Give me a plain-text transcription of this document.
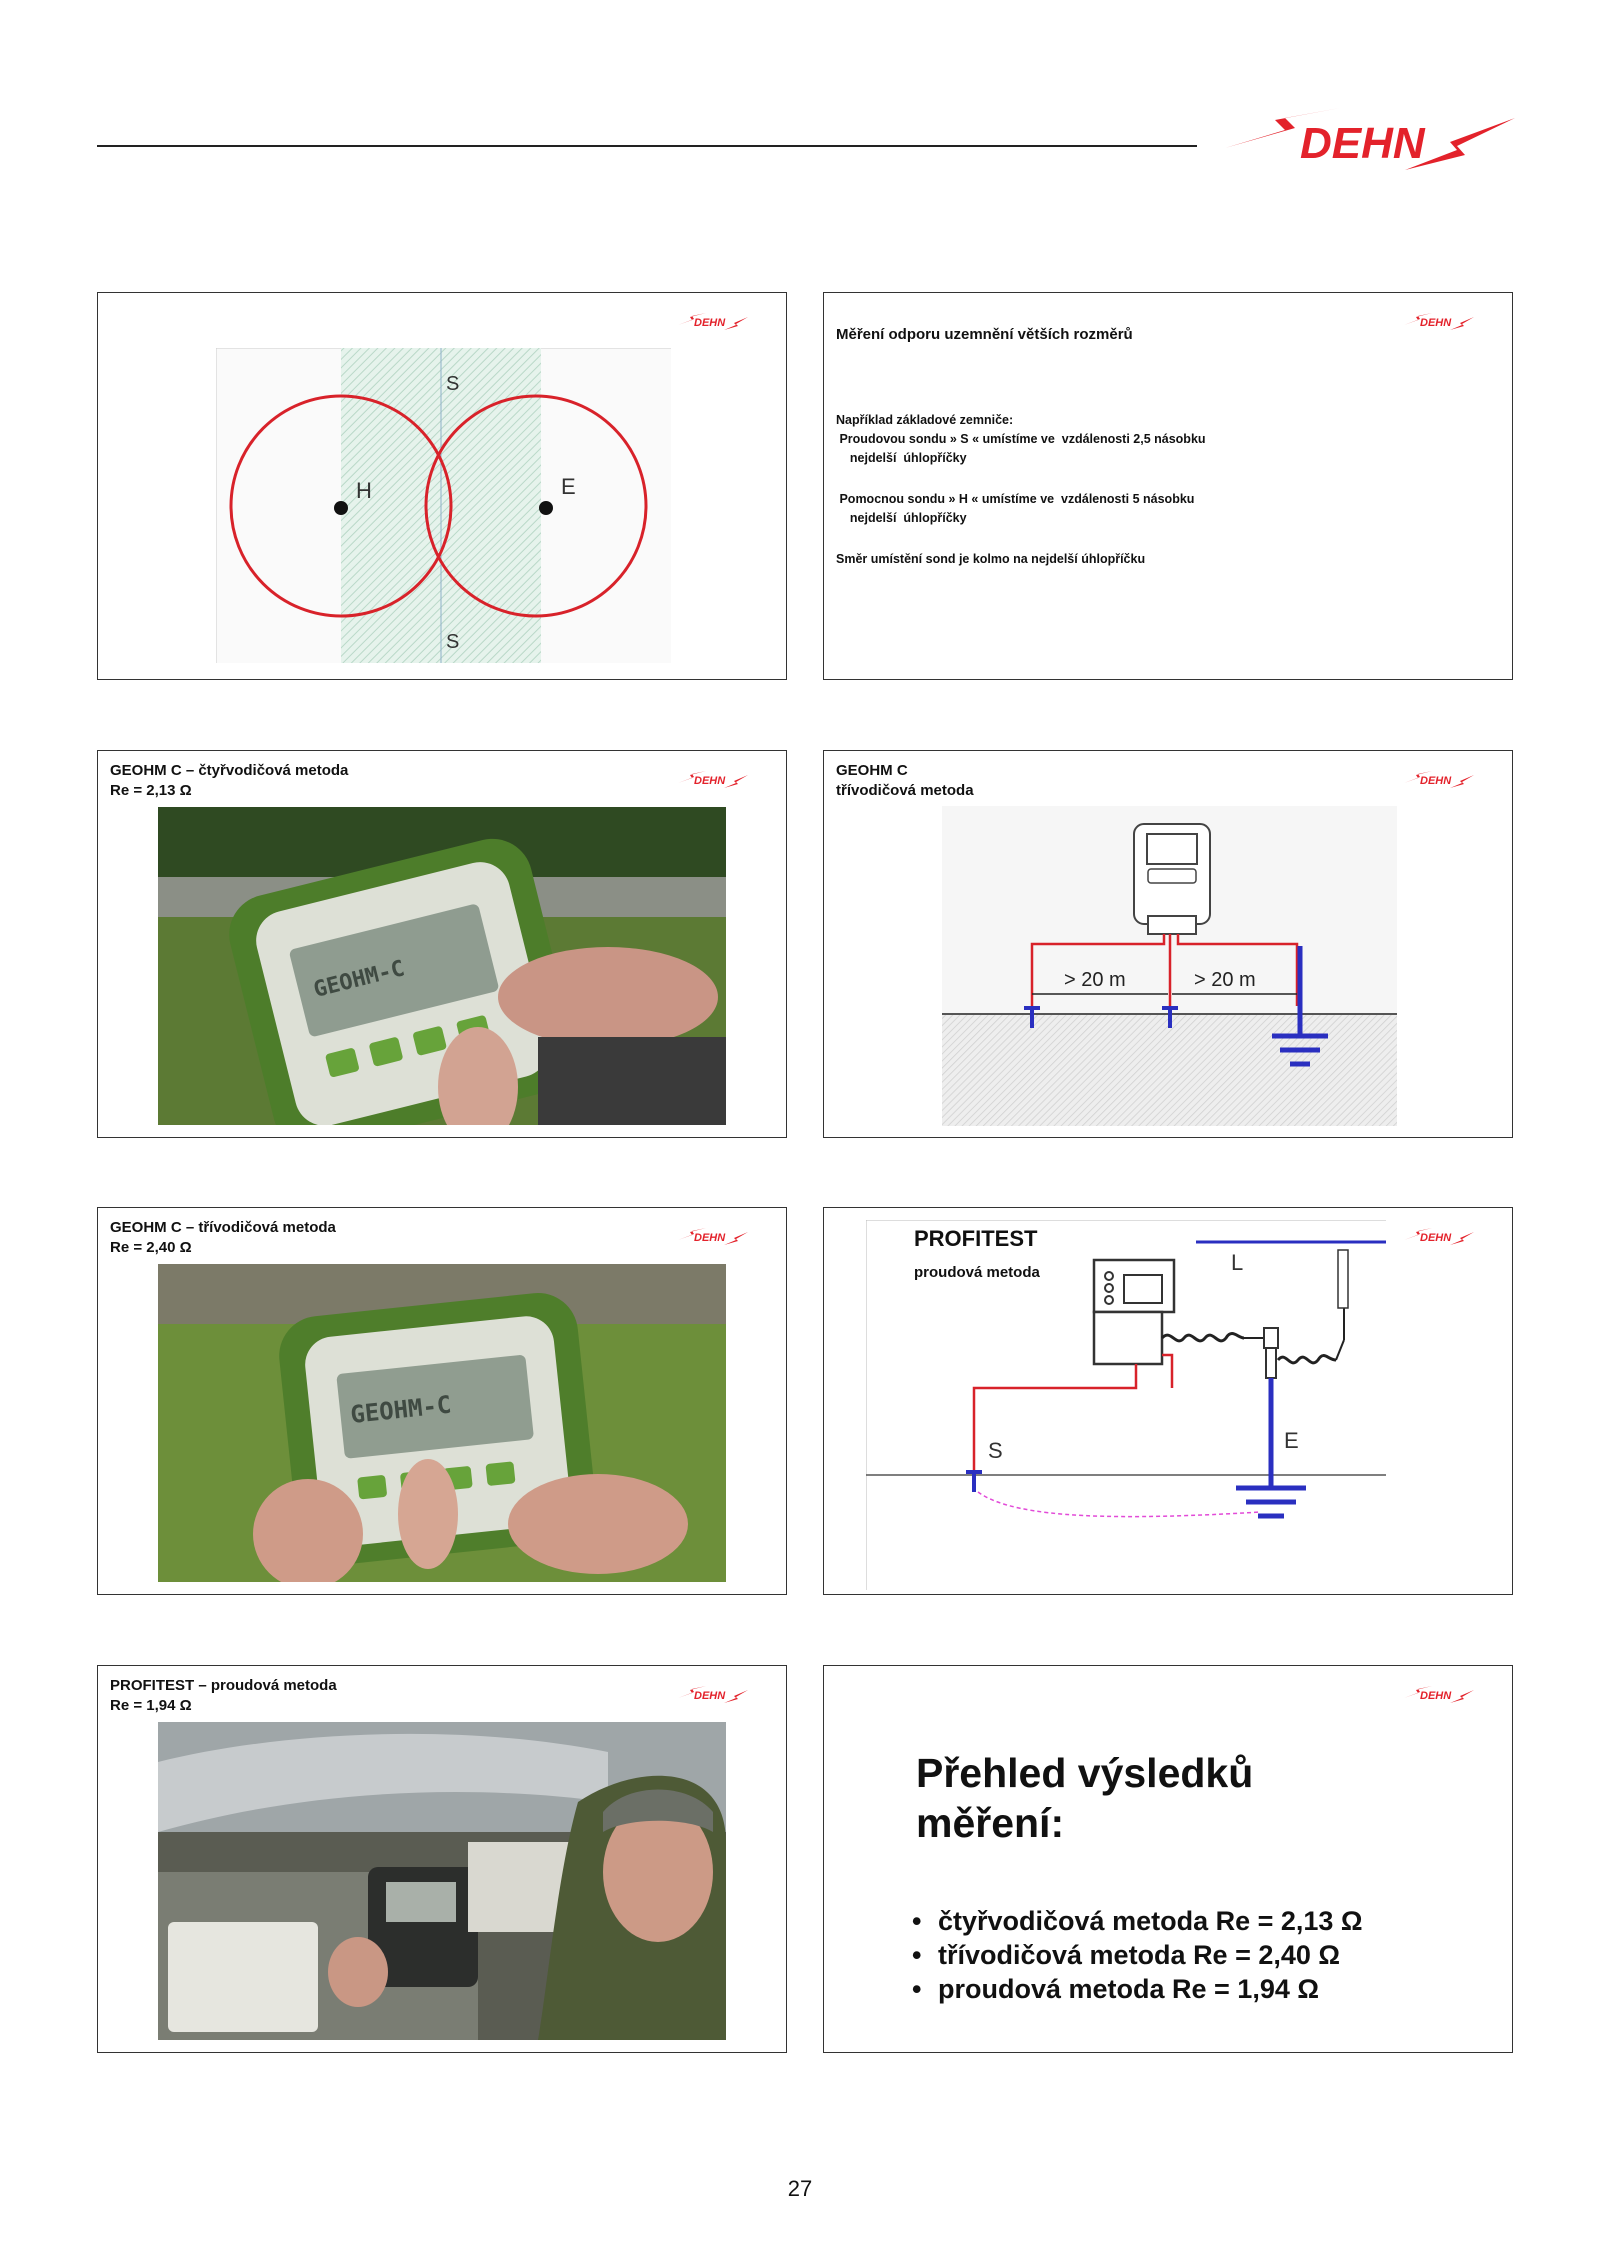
DEHN
DEHN
H	E
S
S
DEHN
Měření odporu uzemnění větších rozměrů
Například základové zemniče:
Proudovou sondu » S « umístíme ve  vzdálenosti 2,5 násobku
nejdelší  úhlopříčky
Pomocnou sondu » H « umístíme ve  vzdálenosti 5 násobku
nejdelší  úhlopříčky
Směr umístění sond je kolmo na nejdelší úhlopříčku
DEHN
GEOHM C – čtyřvodičová metoda
Re = 2,13 Ω
GEOHM-C
DEHN
GEOHM C
třívodičová metoda
> 20 m	> 20 m
DEHN
GEOHM C – třívodičová metoda
Re = 2,40 Ω
GEOHM-C
DEHN
L
S	E
PROFITEST
proudová metoda
DEHN
PROFITEST – proudová metoda
Re = 1,94 Ω
DEHN
Přehled výsledků měření:
• čtyřvodičová metoda Re = 2,13 Ω
• třívodičová metoda Re = 2,40 Ω
• proudová metoda Re = 1,94 Ω
27
